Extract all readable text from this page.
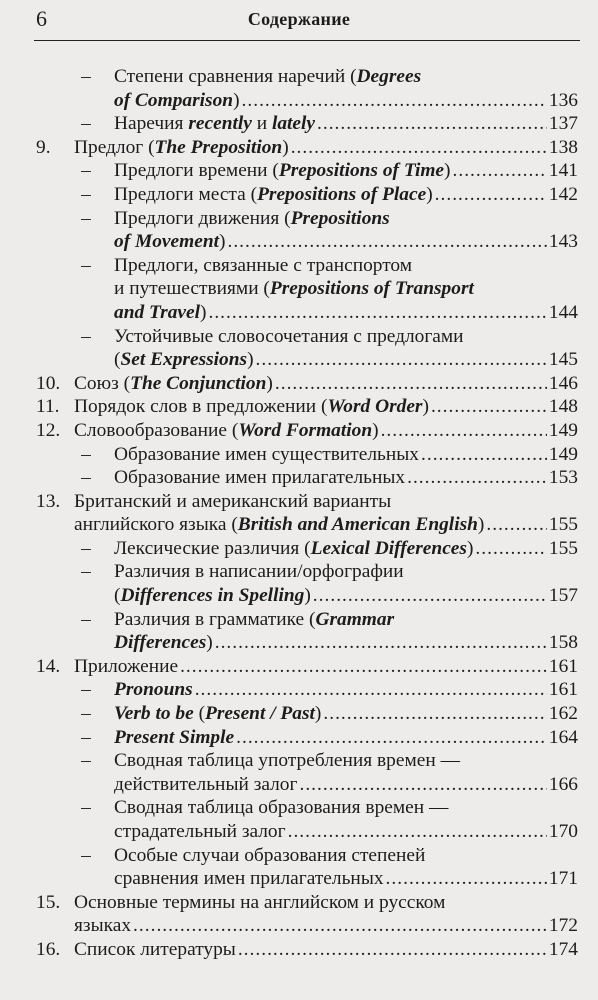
6	Содержание
– Степени сравнения наречий (Degrees
of Comparison) .....	136
– Наречия recently и lately .....	137
9.	Предлог (The Preposition) .....	138
– Предлоги времени (Prepositions of Time) .....	141
– Предлоги места (Prepositions of Place) .....	142
– Предлоги движения (Prepositions
of Movement) .....	143
– Предлоги, связанные с транспортом
и путешествиями (Prepositions of Transport
and Travel) .....	144
– Устойчивые словосочетания с предлогами
(Set Expressions) .....	145
10. Союз (The Conjunction) .....	146
11. Порядок слов в предложении (Word Order) .....	148
12. Словообразование (Word Formation) .....	149
– Образование имен существительных .....	149
– Образование имен прилагательных .....	153
13. Британский и американский варианты
английского языка (British and American English) .....	155
– Лексические различия (Lexical Differences) .....	155
– Различия в написании/орфографии
(Differences in Spelling) .....	157
– Различия в грамматике (Grammar
Differences) .....	158
14. Приложение .....	161
– Pronouns .....	161
– Verb to be (Present / Past) .....	162
– Present Simple .....	164
– Сводная таблица употребления времен —
действительный залог .....	166
– Сводная таблица образования времен —
страдательный залог .....	170
– Особые случаи образования степеней
сравнения имен прилагательных .....	171
15. Основные термины на английском и русском
языках .....	172
16. Список литературы .....	174
